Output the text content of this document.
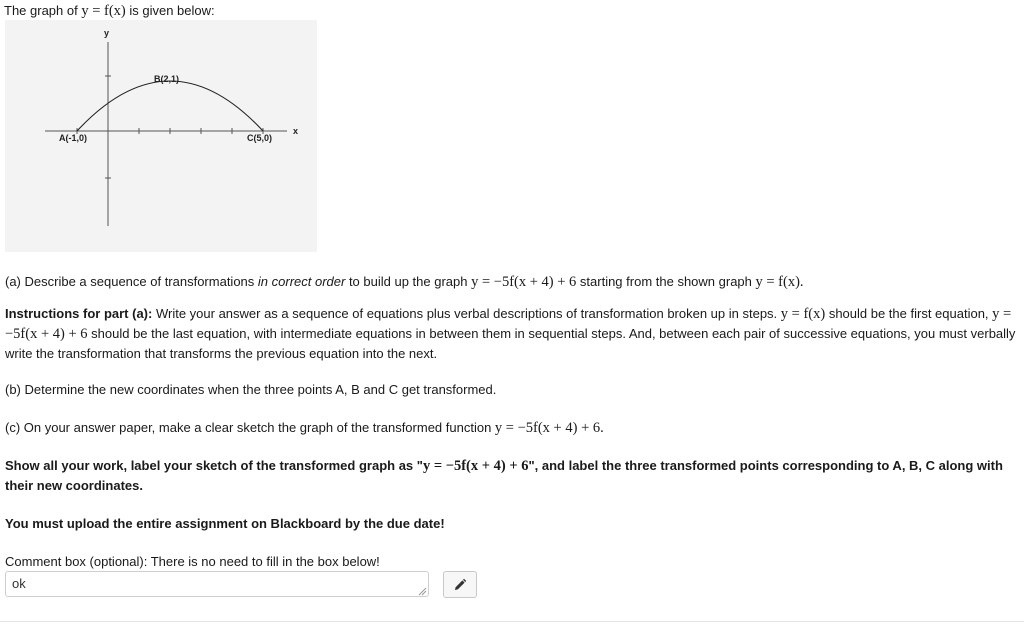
The graph of y = f(x) is given below:
y
x
A(-1,0)
B(2,1)
C(5,0)

(a) Describe a sequence of transformations in correct order to build up the graph y = −5f(x + 4) + 6 starting from the shown graph y = f(x).

Instructions for part (a): Write your answer as a sequence of equations plus verbal descriptions of transformation broken up in steps. y = f(x) should be the first equation, y = −5f(x + 4) + 6 should be the last equation, with intermediate equations in between them in sequential steps. And, between each pair of successive equations, you must verbally write the transformation that transforms the previous equation into the next.

(b) Determine the new coordinates when the three points A, B and C get transformed.

(c) On your answer paper, make a clear sketch the graph of the transformed function y = −5f(x + 4) + 6.

Show all your work, label your sketch of the transformed graph as "y = −5f(x + 4) + 6", and label the three transformed points corresponding to A, B, C along with their new coordinates.

You must upload the entire assignment on Blackboard by the due date!

Comment box (optional): There is no need to fill in the box below!

ok
